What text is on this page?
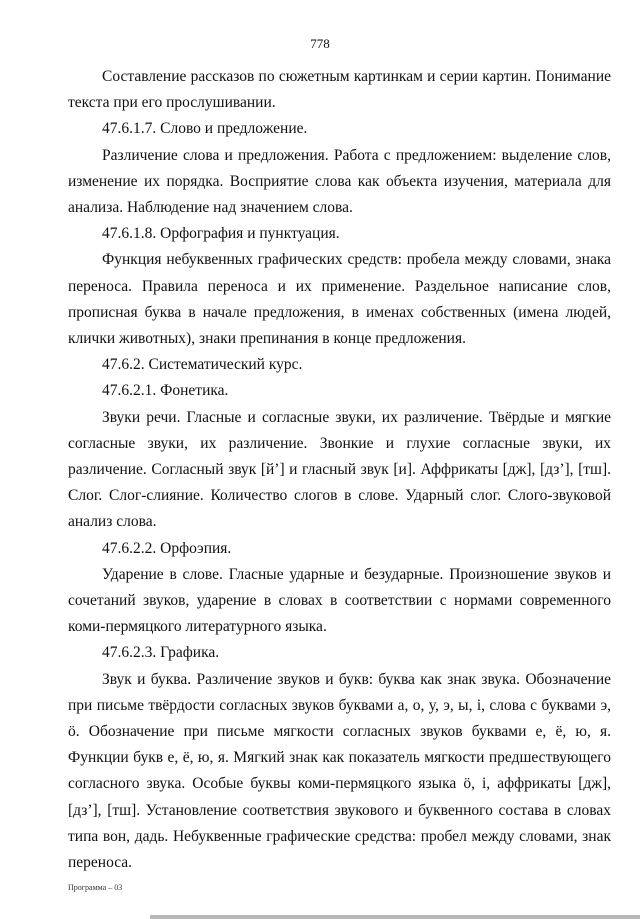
778

Составление рассказов по сюжетным картинкам и серии картин. Понимание текста при его прослушивании.

47.6.1.7. Слово и предложение.

Различение слова и предложения. Работа с предложением: выделение слов, изменение их порядка. Восприятие слова как объекта изучения, материала для анализа. Наблюдение над значением слова.

47.6.1.8. Орфография и пунктуация.

Функция небуквенных графических средств: пробела между словами, знака переноса. Правила переноса и их применение. Раздельное написание слов, прописная буква в начале предложения, в именах собственных (имена людей, клички животных), знаки препинания в конце предложения.

47.6.2. Систематический курс.

47.6.2.1. Фонетика.

Звуки речи. Гласные и согласные звуки, их различение. Твёрдые и мягкие согласные звуки, их различение. Звонкие и глухие согласные звуки, их различение. Согласный звук [й’] и гласный звук [и]. Аффрикаты [дж], [дз’], [тш]. Слог. Слог-слияние. Количество слогов в слове. Ударный слог. Слого-звуковой анализ слова.

47.6.2.2. Орфоэпия.

Ударение в слове. Гласные ударные и безударные. Произношение звуков и сочетаний звуков, ударение в словах в соответствии с нормами современного коми-пермяцкого литературного языка.

47.6.2.3. Графика.

Звук и буква. Различение звуков и букв: буква как знак звука. Обозначение при письме твёрдости согласных звуков буквами а, о, у, э, ы, і, слова с буквами э, ӧ. Обозначение при письме мягкости согласных звуков буквами е, ё, ю, я. Функции букв е, ё, ю, я. Мягкий знак как показатель мягкости предшествующего согласного звука. Особые буквы коми-пермяцкого языка ӧ, і, аффрикаты [дж], [дз’], [тш]. Установление соответствия звукового и буквенного состава в словах типа вон, дадь. Небуквенные графические средства: пробел между словами, знак переноса.

Программа – 03
